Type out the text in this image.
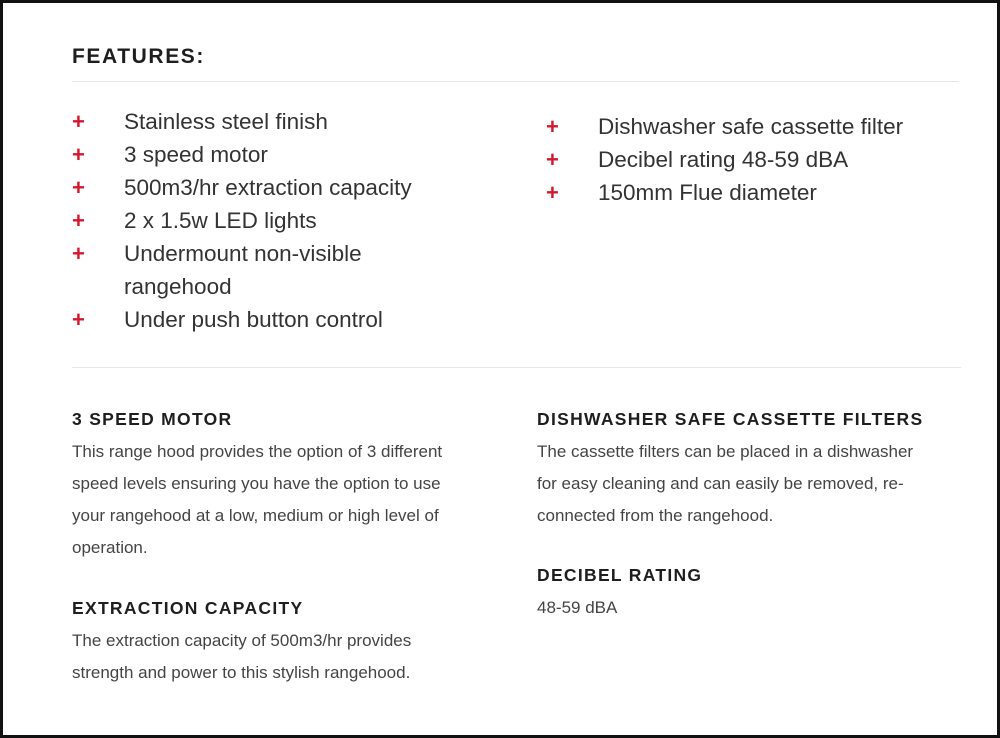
FEATURES:
+ Stainless steel finish
+ 3 speed motor
+ 500m3/hr extraction capacity
+ 2 x 1.5w LED lights
+ Undermount non-visible rangehood
+ Under push button control
+ Dishwasher safe cassette filter
+ Decibel rating 48-59 dBA
+ 150mm Flue diameter
3 SPEED MOTOR

This range hood provides the option of 3 different speed levels ensuring you have the option to use your rangehood at a low, medium or high level of operation.

EXTRACTION CAPACITY

The extraction capacity of 500m3/hr provides strength and power to this stylish rangehood.

DISHWASHER SAFE CASSETTE FILTERS

The cassette filters can be placed in a dishwasher for easy cleaning and can easily be removed, re-connected from the rangehood.

DECIBEL RATING

48-59 dBA
